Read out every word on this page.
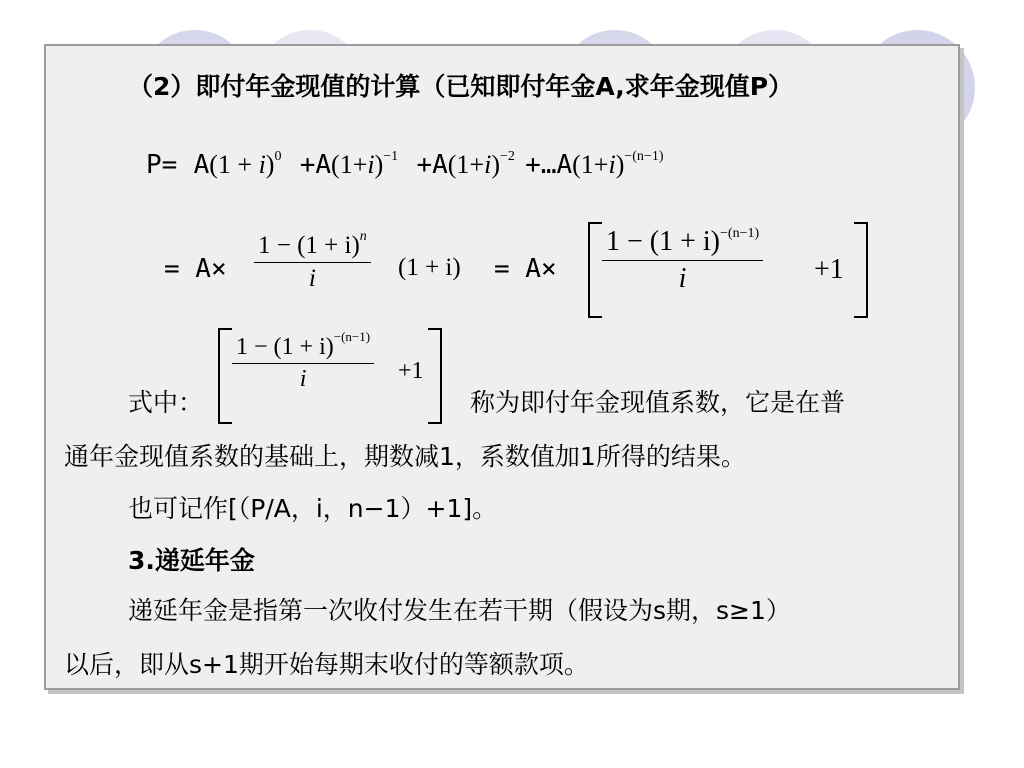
（2）即付年金现值的计算（已知即付年金A,求年金现值P）
$P= A(1 + i)^0 +A(1+i)^{-1} +A(1+i)^{-2}$ $+\dots A(1+i)^{-(n-1)}$
= $A\times \frac{1 - (1 + i)^n}{i} (1 + i) = A\times \frac{1 - (1 + i)^{-(n-1)}}{i} +1$
式中：
$\frac{1 - (1 + i)^{-(n-1)}}{i} +1$
称为即付年金现值系数，它是在普
通年金现值系数的基础上，期数减1，系数值加1所得的结果。
也可记作[（P/A，i，n−1）+1]。
3.递延年金
递延年金是指第一次收付发生在若干期（假设为s期，s≥1）
以后，即从s+1期开始每期末收付的等额款项。
